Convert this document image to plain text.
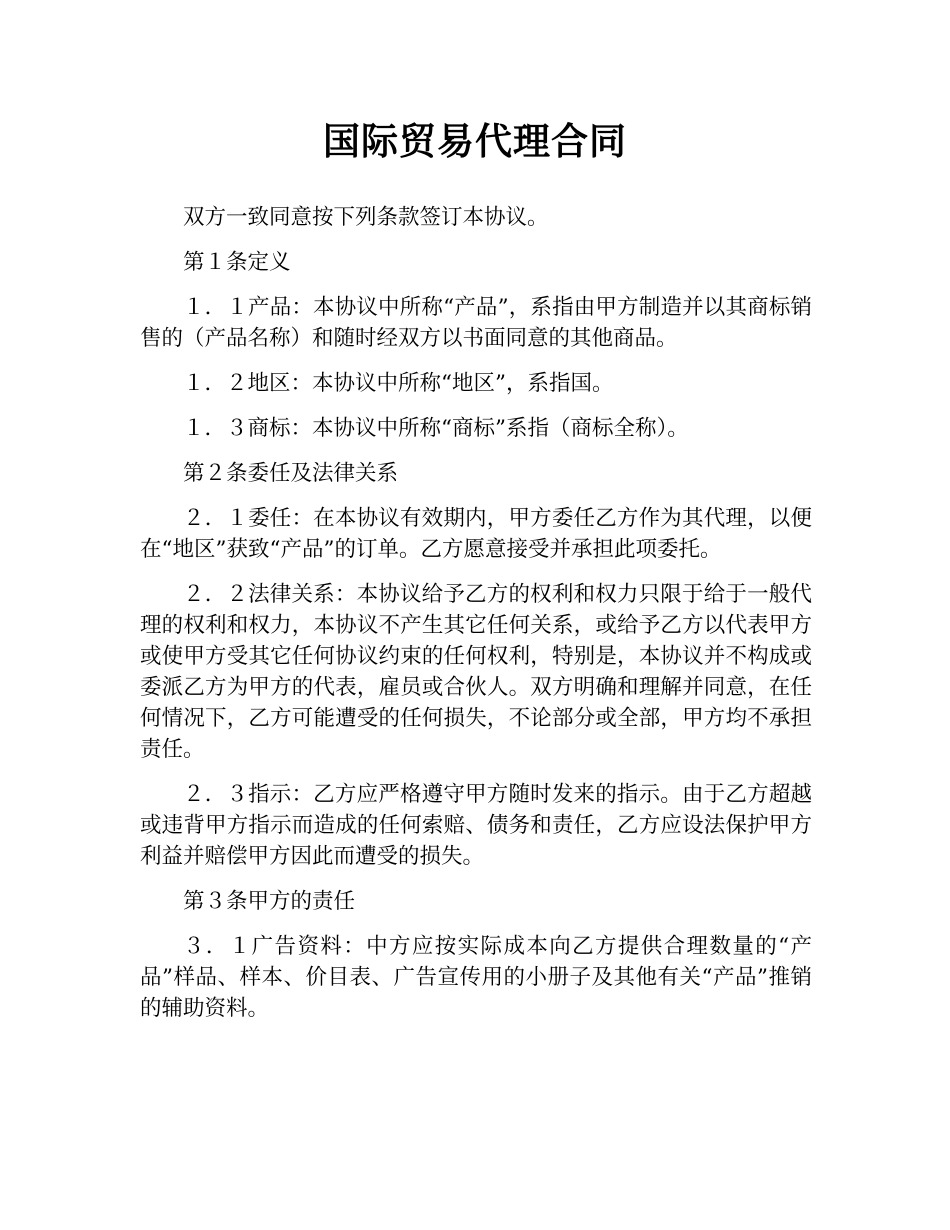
国际贸易代理合同

双方一致同意按下列条款签订本协议。

第１条定义

１．１产品：本协议中所称“产品”，系指由甲方制造并以其商标销售的（产品名称）和随时经双方以书面同意的其他商品。

１．２地区：本协议中所称“地区”，系指国。

１．３商标：本协议中所称“商标”系指（商标全称）。

第２条委任及法律关系

２．１委任：在本协议有效期内，甲方委任乙方作为其代理，以便在“地区”获致“产品”的订单。乙方愿意接受并承担此项委托。

２．２法律关系：本协议给予乙方的权利和权力只限于给于一般代理的权利和权力，本协议不产生其它任何关系，或给予乙方以代表甲方或使甲方受其它任何协议约束的任何权利，特别是，本协议并不构成或委派乙方为甲方的代表，雇员或合伙人。双方明确和理解并同意，在任何情况下，乙方可能遭受的任何损失，不论部分或全部，甲方均不承担责任。

２．３指示：乙方应严格遵守甲方随时发来的指示。由于乙方超越或违背甲方指示而造成的任何索赔、债务和责任，乙方应设法保护甲方利益并赔偿甲方因此而遭受的损失。

第３条甲方的责任

３．１广告资料：中方应按实际成本向乙方提供合理数量的“产品”样品、样本、价目表、广告宣传用的小册子及其他有关“产品”推销的辅助资料。
